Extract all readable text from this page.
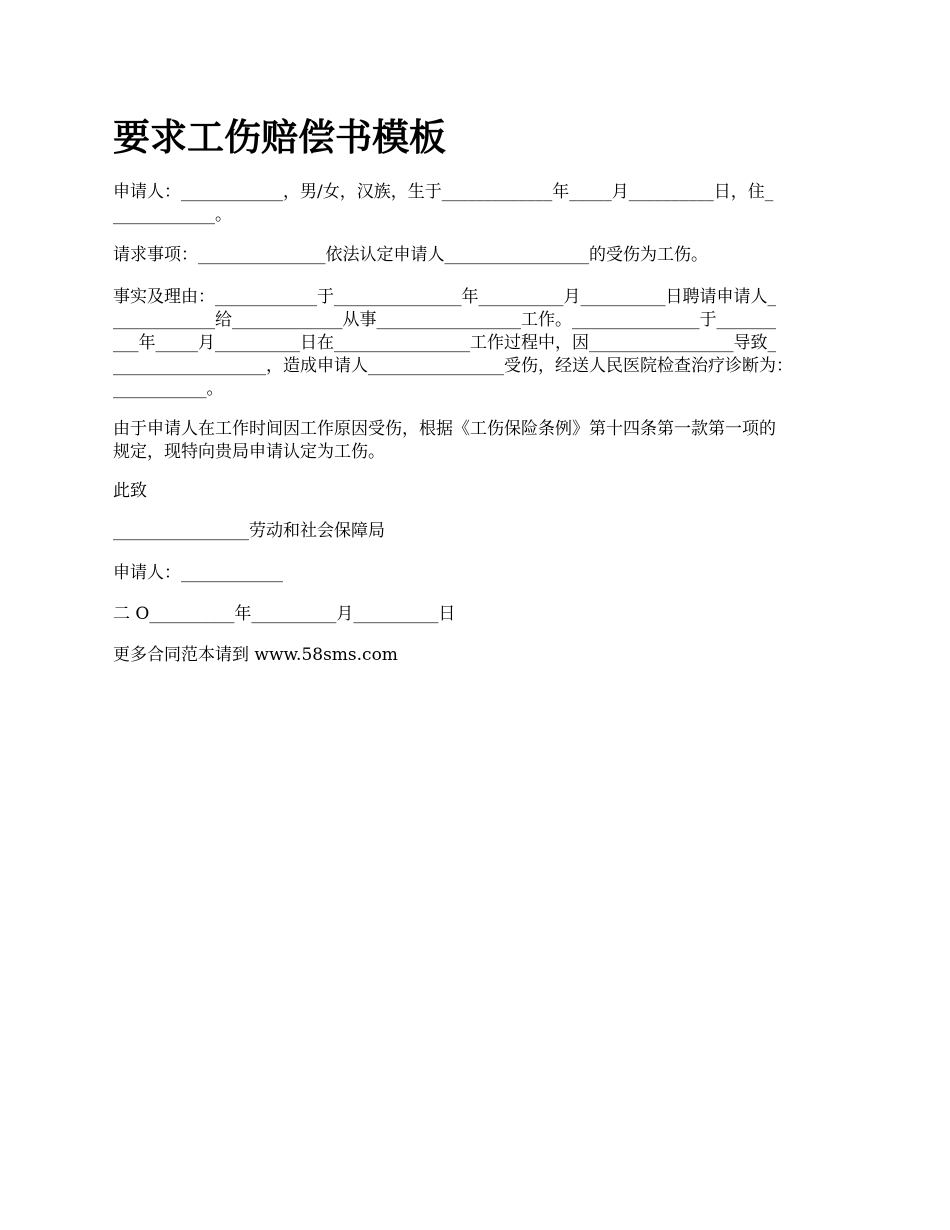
要求工伤赔偿书模板

申请人：____________，男/女，汉族，生于_____________年_____月__________日，住_
____________。

请求事项：_______________依法认定申请人_________________的受伤为工伤。

事实及理由：____________于_______________年__________月__________日聘请申请人_
____________给_____________从事_________________工作。_______________于_______
___年_____月__________日在________________工作过程中，因_________________导致_
__________________，造成申请人________________受伤，经送人民医院检查治疗诊断为：
___________。

由于申请人在工作时间因工作原因受伤，根据《工伤保险条例》第十四条第一款第一项的
规定，现特向贵局申请认定为工伤。

此致

________________劳动和社会保障局

申请人：____________

二 O__________年__________月__________日

更多合同范本请到 www.58sms.com
